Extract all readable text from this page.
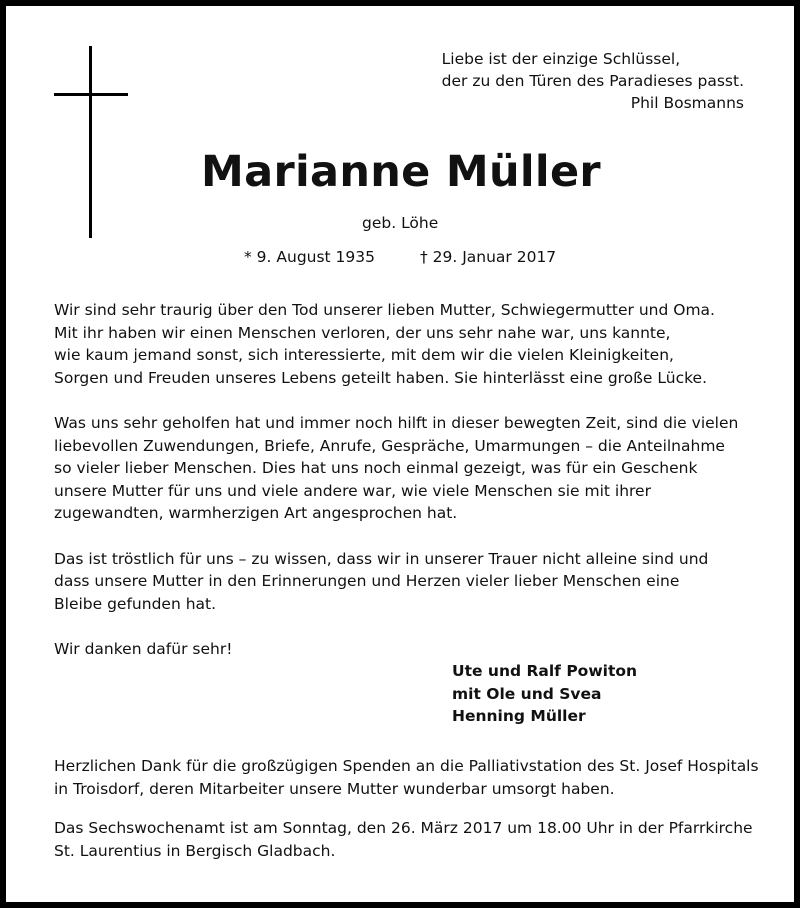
Liebe ist der einzige Schlüssel,
der zu den Türen des Paradieses passt.
Phil Bosmanns
Marianne Müller
geb. Löhe
* 9. August 1935	† 29. Januar 2017
Wir sind sehr traurig über den Tod unserer lieben Mutter, Schwiegermutter und Oma.
Mit ihr haben wir einen Menschen verloren, der uns sehr nahe war, uns kannte,
wie kaum jemand sonst, sich interessierte, mit dem wir die vielen Kleinigkeiten,
Sorgen und Freuden unseres Lebens geteilt haben. Sie hinterlässt eine große Lücke.
Was uns sehr geholfen hat und immer noch hilft in dieser bewegten Zeit, sind die vielen
liebevollen Zuwendungen, Briefe, Anrufe, Gespräche, Umarmungen – die Anteilnahme
so vieler lieber Menschen. Dies hat uns noch einmal gezeigt, was für ein Geschenk
unsere Mutter für uns und viele andere war, wie viele Menschen sie mit ihrer
zugewandten, warmherzigen Art angesprochen hat.
Das ist tröstlich für uns – zu wissen, dass wir in unserer Trauer nicht alleine sind und
dass unsere Mutter in den Erinnerungen und Herzen vieler lieber Menschen eine
Bleibe gefunden hat.
Wir danken dafür sehr!
Ute und Ralf Powiton
mit Ole und Svea
Henning Müller
Herzlichen Dank für die großzügigen Spenden an die Palliativstation des St. Josef Hospitals
in Troisdorf, deren Mitarbeiter unsere Mutter wunderbar umsorgt haben.
Das Sechswochenamt ist am Sonntag, den 26. März 2017 um 18.00 Uhr in der Pfarrkirche
St. Laurentius in Bergisch Gladbach.
